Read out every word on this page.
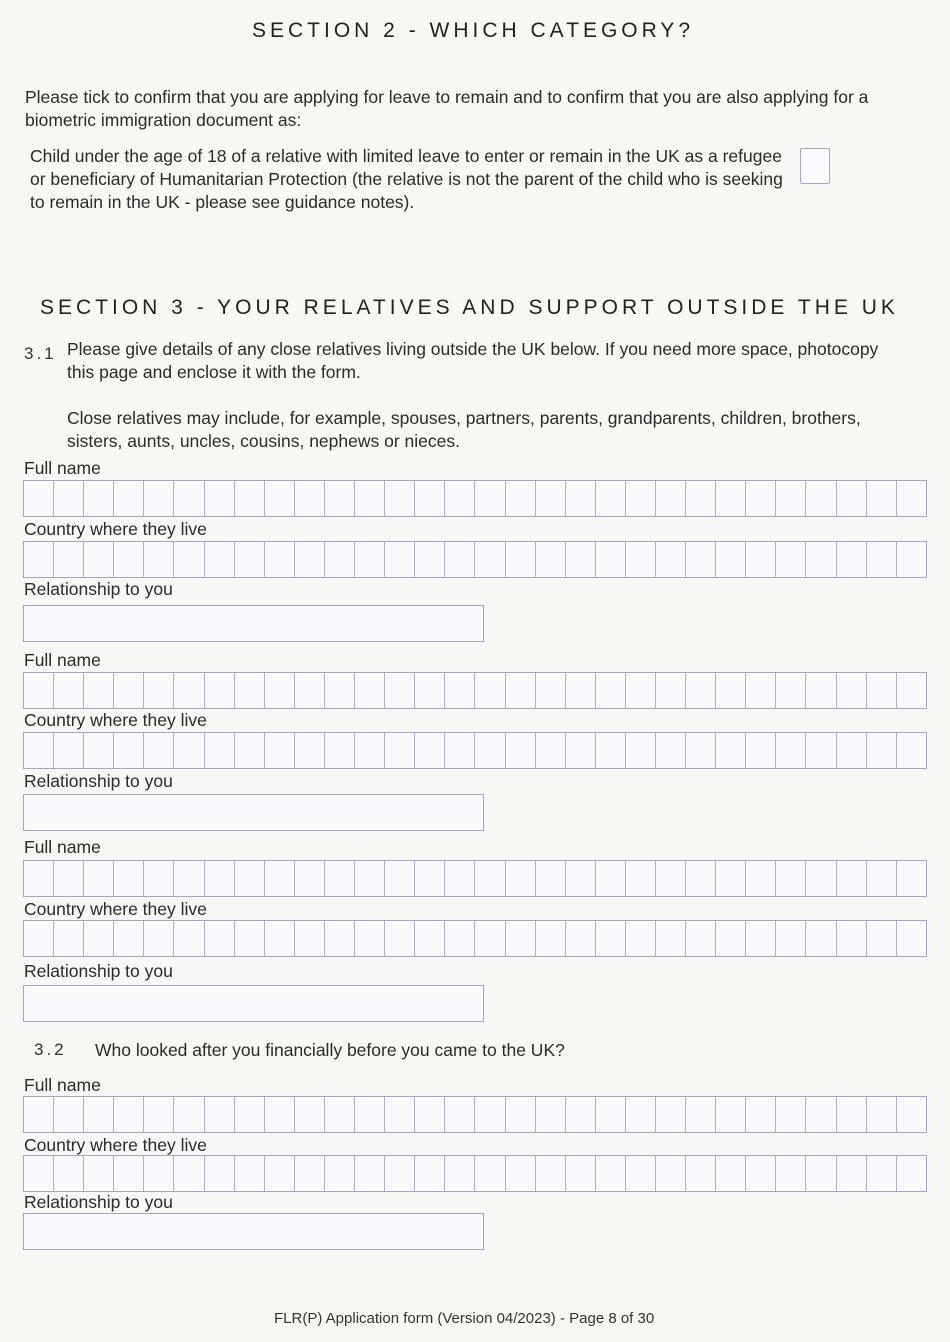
SECTION 2 - WHICH CATEGORY?
Please tick to confirm that you are applying for leave to remain and to confirm that you are also applying for a biometric immigration document as:
Child under the age of 18 of a relative with limited leave to enter or remain in the UK as a refugee or beneficiary of Humanitarian Protection (the relative is not the parent of the child who is seeking to remain in the UK - please see guidance notes).
SECTION 3 - YOUR RELATIVES AND SUPPORT OUTSIDE THE UK
3.1 Please give details of any close relatives living outside the UK below. If you need more space, photocopy this page and enclose it with the form.
Close relatives may include, for example, spouses, partners, parents, grandparents, children, brothers, sisters, aunts, uncles, cousins, nephews or nieces.
Full name
Country where they live
Relationship to you
Full name
Country where they live
Relationship to you
Full name
Country where they live
Relationship to you
3.2 Who looked after you financially before you came to the UK?
Full name
Country where they live
Relationship to you
FLR(P) Application form (Version 04/2023) - Page 8 of 30
